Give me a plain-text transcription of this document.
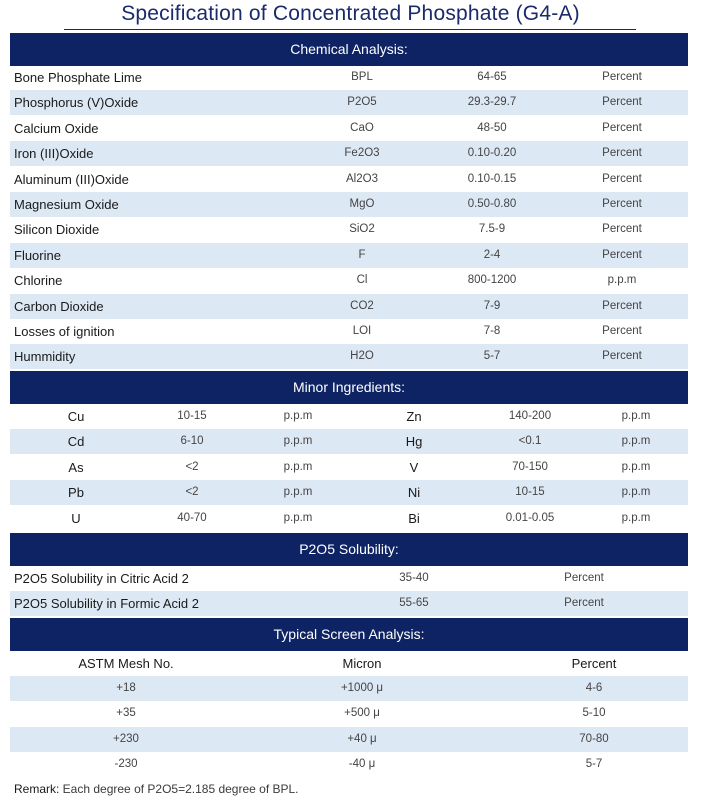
Specification of Concentrated Phosphate (G4-A)
Chemical Analysis:
Bone Phosphate Lime	BPL	64-65	Percent
Phosphorus (V)Oxide	P2O5	29.3-29.7	Percent
Calcium Oxide	CaO	48-50	Percent
Iron (III)Oxide	Fe2O3	0.10-0.20	Percent
Aluminum (III)Oxide	Al2O3	0.10-0.15	Percent
Magnesium Oxide	MgO	0.50-0.80	Percent
Silicon Dioxide	SiO2	7.5-9	Percent
Fluorine	F	2-4	Percent
Chlorine	Cl	800-1200	p.p.m
Carbon Dioxide	CO2	7-9	Percent
Losses of ignition	LOI	7-8	Percent
Hummidity	H2O	5-7	Percent
Minor Ingredients:
Cu	10-15	p.p.m	Zn	140-200	p.p.m
Cd	6-10	p.p.m	Hg	<0.1	p.p.m
As	<2	p.p.m	V	70-150	p.p.m
Pb	<2	p.p.m	Ni	10-15	p.p.m
U	40-70	p.p.m	Bi	0.01-0.05	p.p.m
P2O5 Solubility:
P2O5 Solubility in Citric Acid 2	35-40	Percent
P2O5 Solubility in Formic Acid 2	55-65	Percent
Typical Screen Analysis:
ASTM Mesh No.	Micron	Percent
+18	+1000 μ	4-6
+35	+500 μ	5-10
+230	+40 μ	70-80
-230	-40 μ	5-7
Remark: Each degree of P2O5=2.185 degree of BPL.
